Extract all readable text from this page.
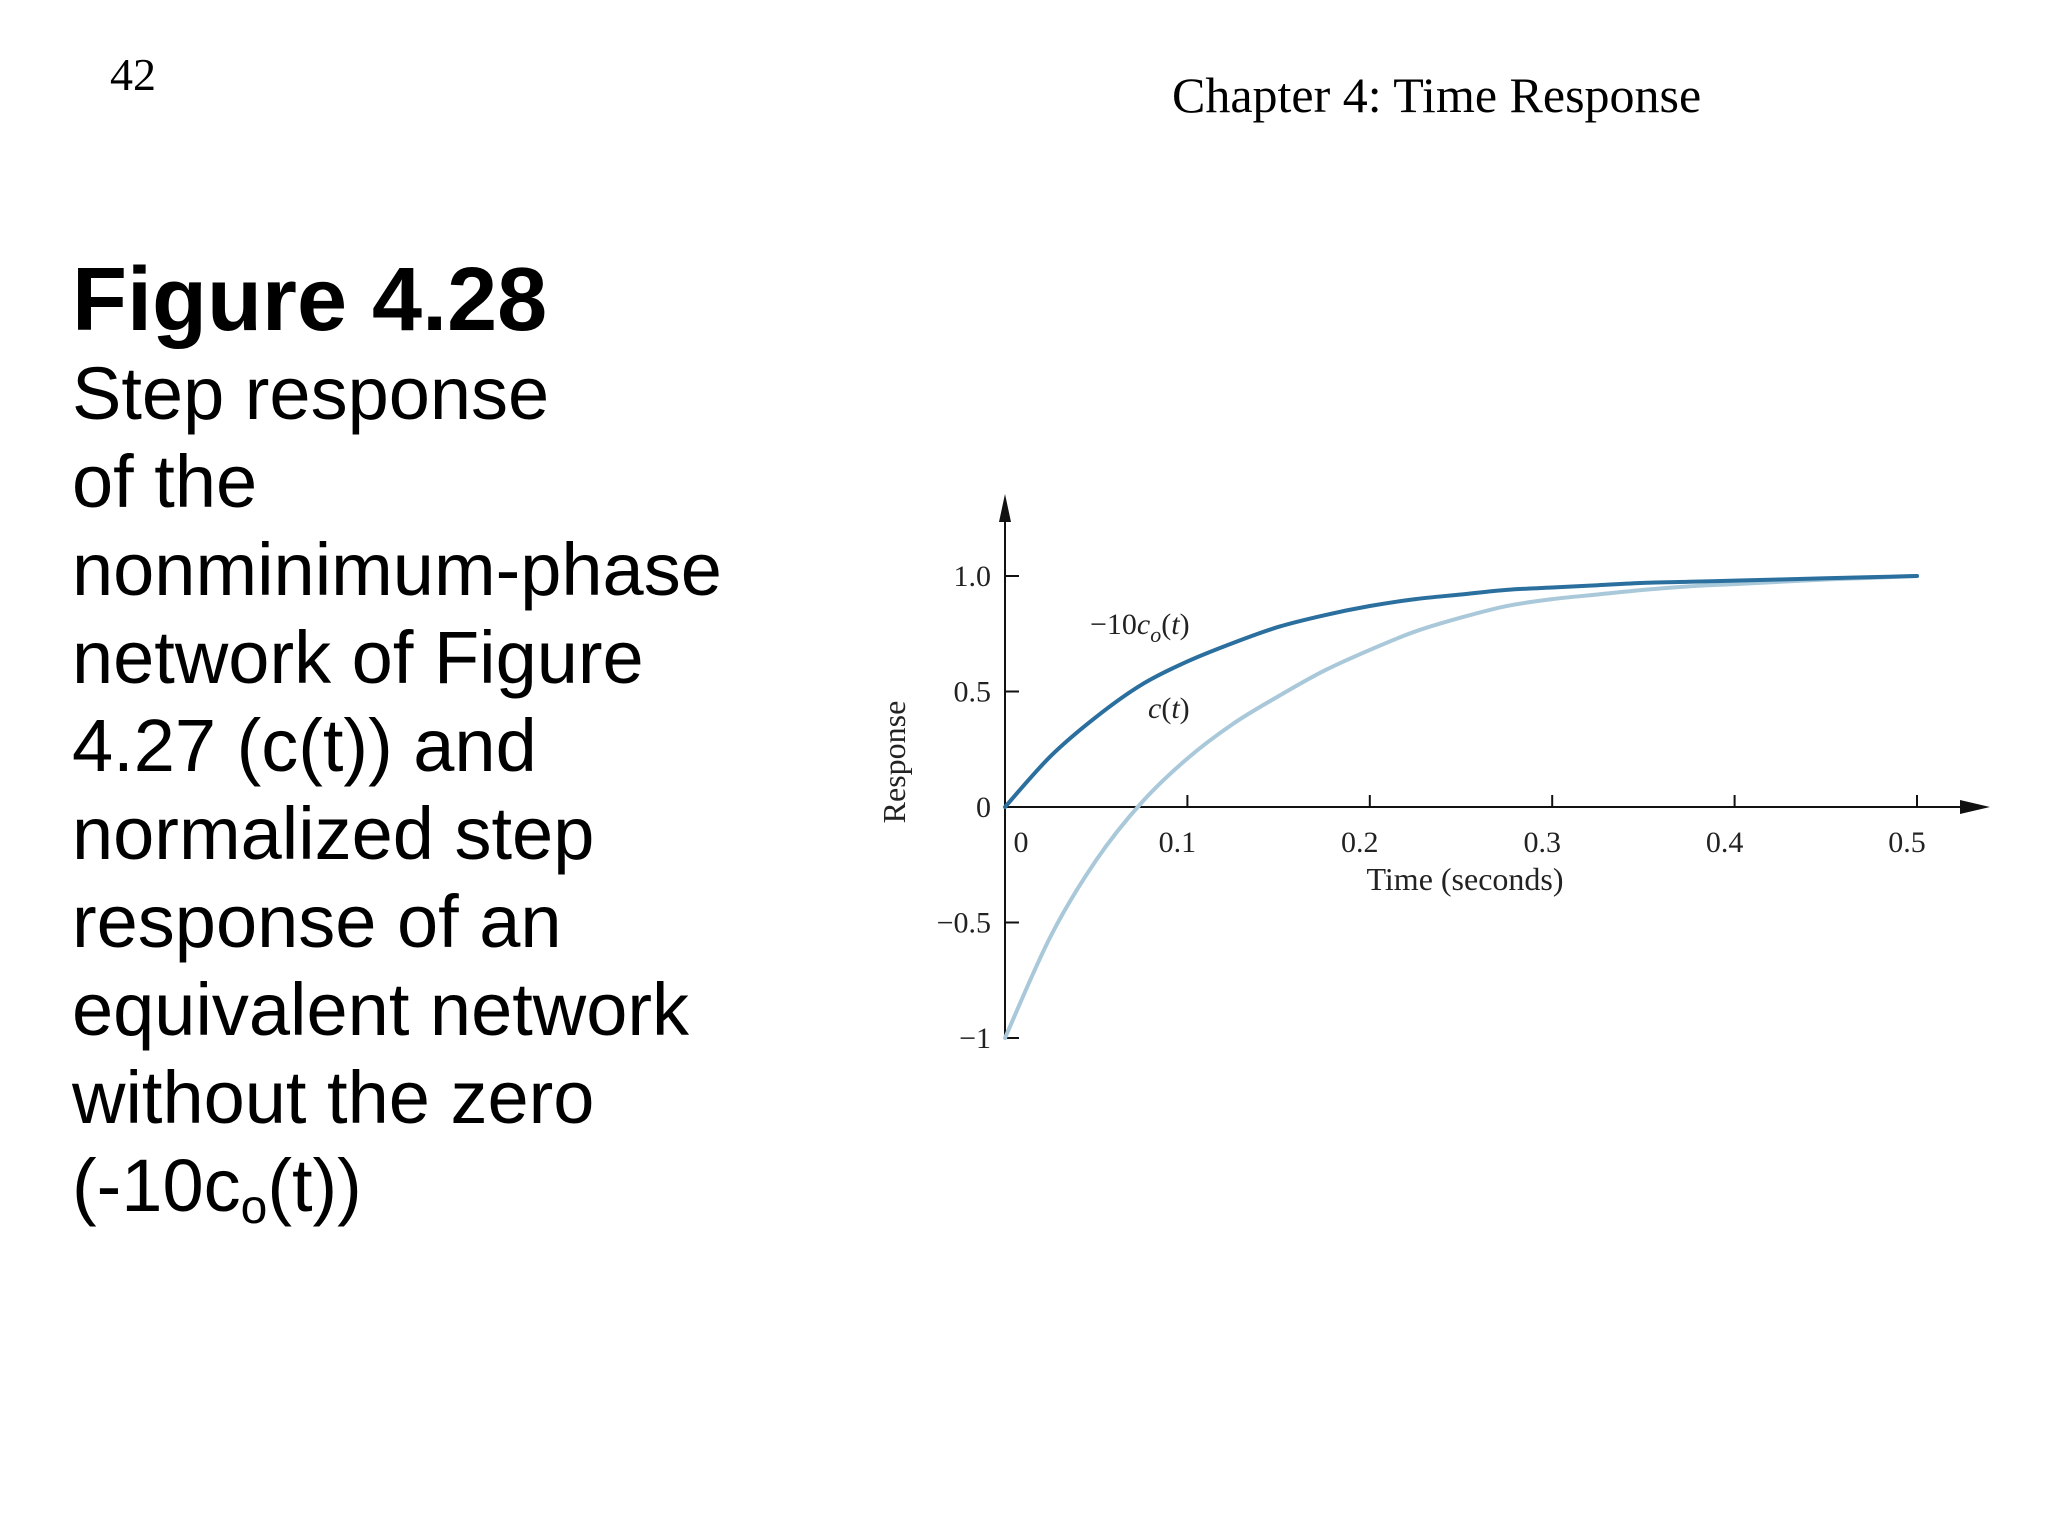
42	Chapter 4: Time Response
Figure 4.28
Step response
of the
nonminimum-phase
network of Figure
4.27 (c(t)) and
normalized step
response of an
equivalent network
without the zero
$(-10c_o(t))$
0	0.1	0.2	0.3	0.4	0.5
1.0
0.5
0
−0.5
−1
Time (seconds)
Response
$-10c_o(t)$
c(t)
